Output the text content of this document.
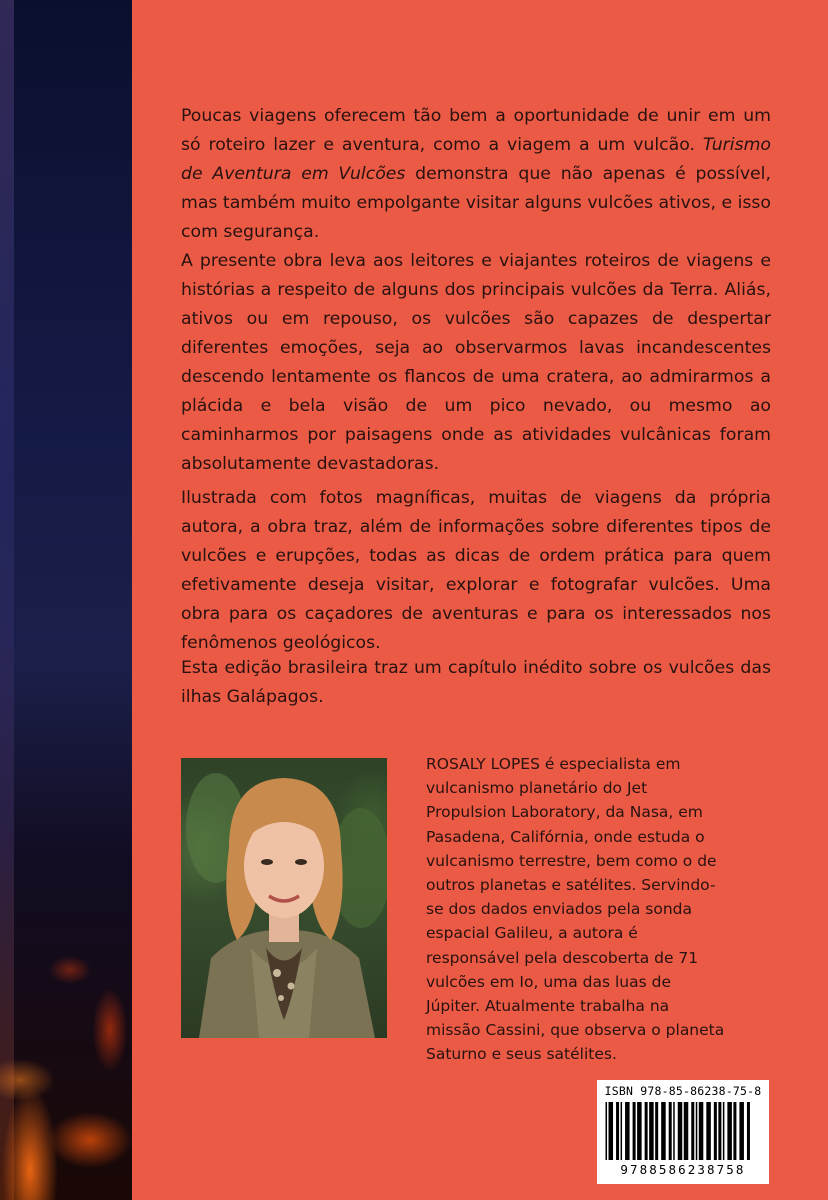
Poucas viagens oferecem tão bem a oportunidade de unir em um só roteiro lazer e aventura, como a viagem a um vulcão. Turismo de Aventura em Vulcões demonstra que não apenas é possível, mas também muito empolgante visitar alguns vulcões ativos, e isso com segurança.

A presente obra leva aos leitores e viajantes roteiros de viagens e histórias a respeito de alguns dos principais vulcões da Terra. Aliás, ativos ou em repouso, os vulcões são capazes de despertar diferentes emoções, seja ao observarmos lavas incandescentes descendo lentamente os flancos de uma cratera, ao admirarmos a plácida e bela visão de um pico nevado, ou mesmo ao caminharmos por paisagens onde as atividades vulcânicas foram absolutamente devastadoras.

Ilustrada com fotos magníficas, muitas de viagens da própria autora, a obra traz, além de informações sobre diferentes tipos de vulcões e erupções, todas as dicas de ordem prática para quem efetivamente deseja visitar, explorar e fotografar vulcões. Uma obra para os caçadores de aventuras e para os interessados nos fenômenos geológicos.

Esta edição brasileira traz um capítulo inédito sobre os vulcões das ilhas Galápagos.

ROSALY LOPES é especialista em vulcanismo planetário do Jet Propulsion Laboratory, da Nasa, em Pasadena, Califórnia, onde estuda o vulcanismo terrestre, bem como o de outros planetas e satélites. Servindo-se dos dados enviados pela sonda espacial Galileu, a autora é responsável pela descoberta de 71 vulcões em Io, uma das luas de Júpiter. Atualmente trabalha na missão Cassini, que observa o planeta Saturno e seus satélites.

ISBN 978-85-86238-75-8
9788586238758
